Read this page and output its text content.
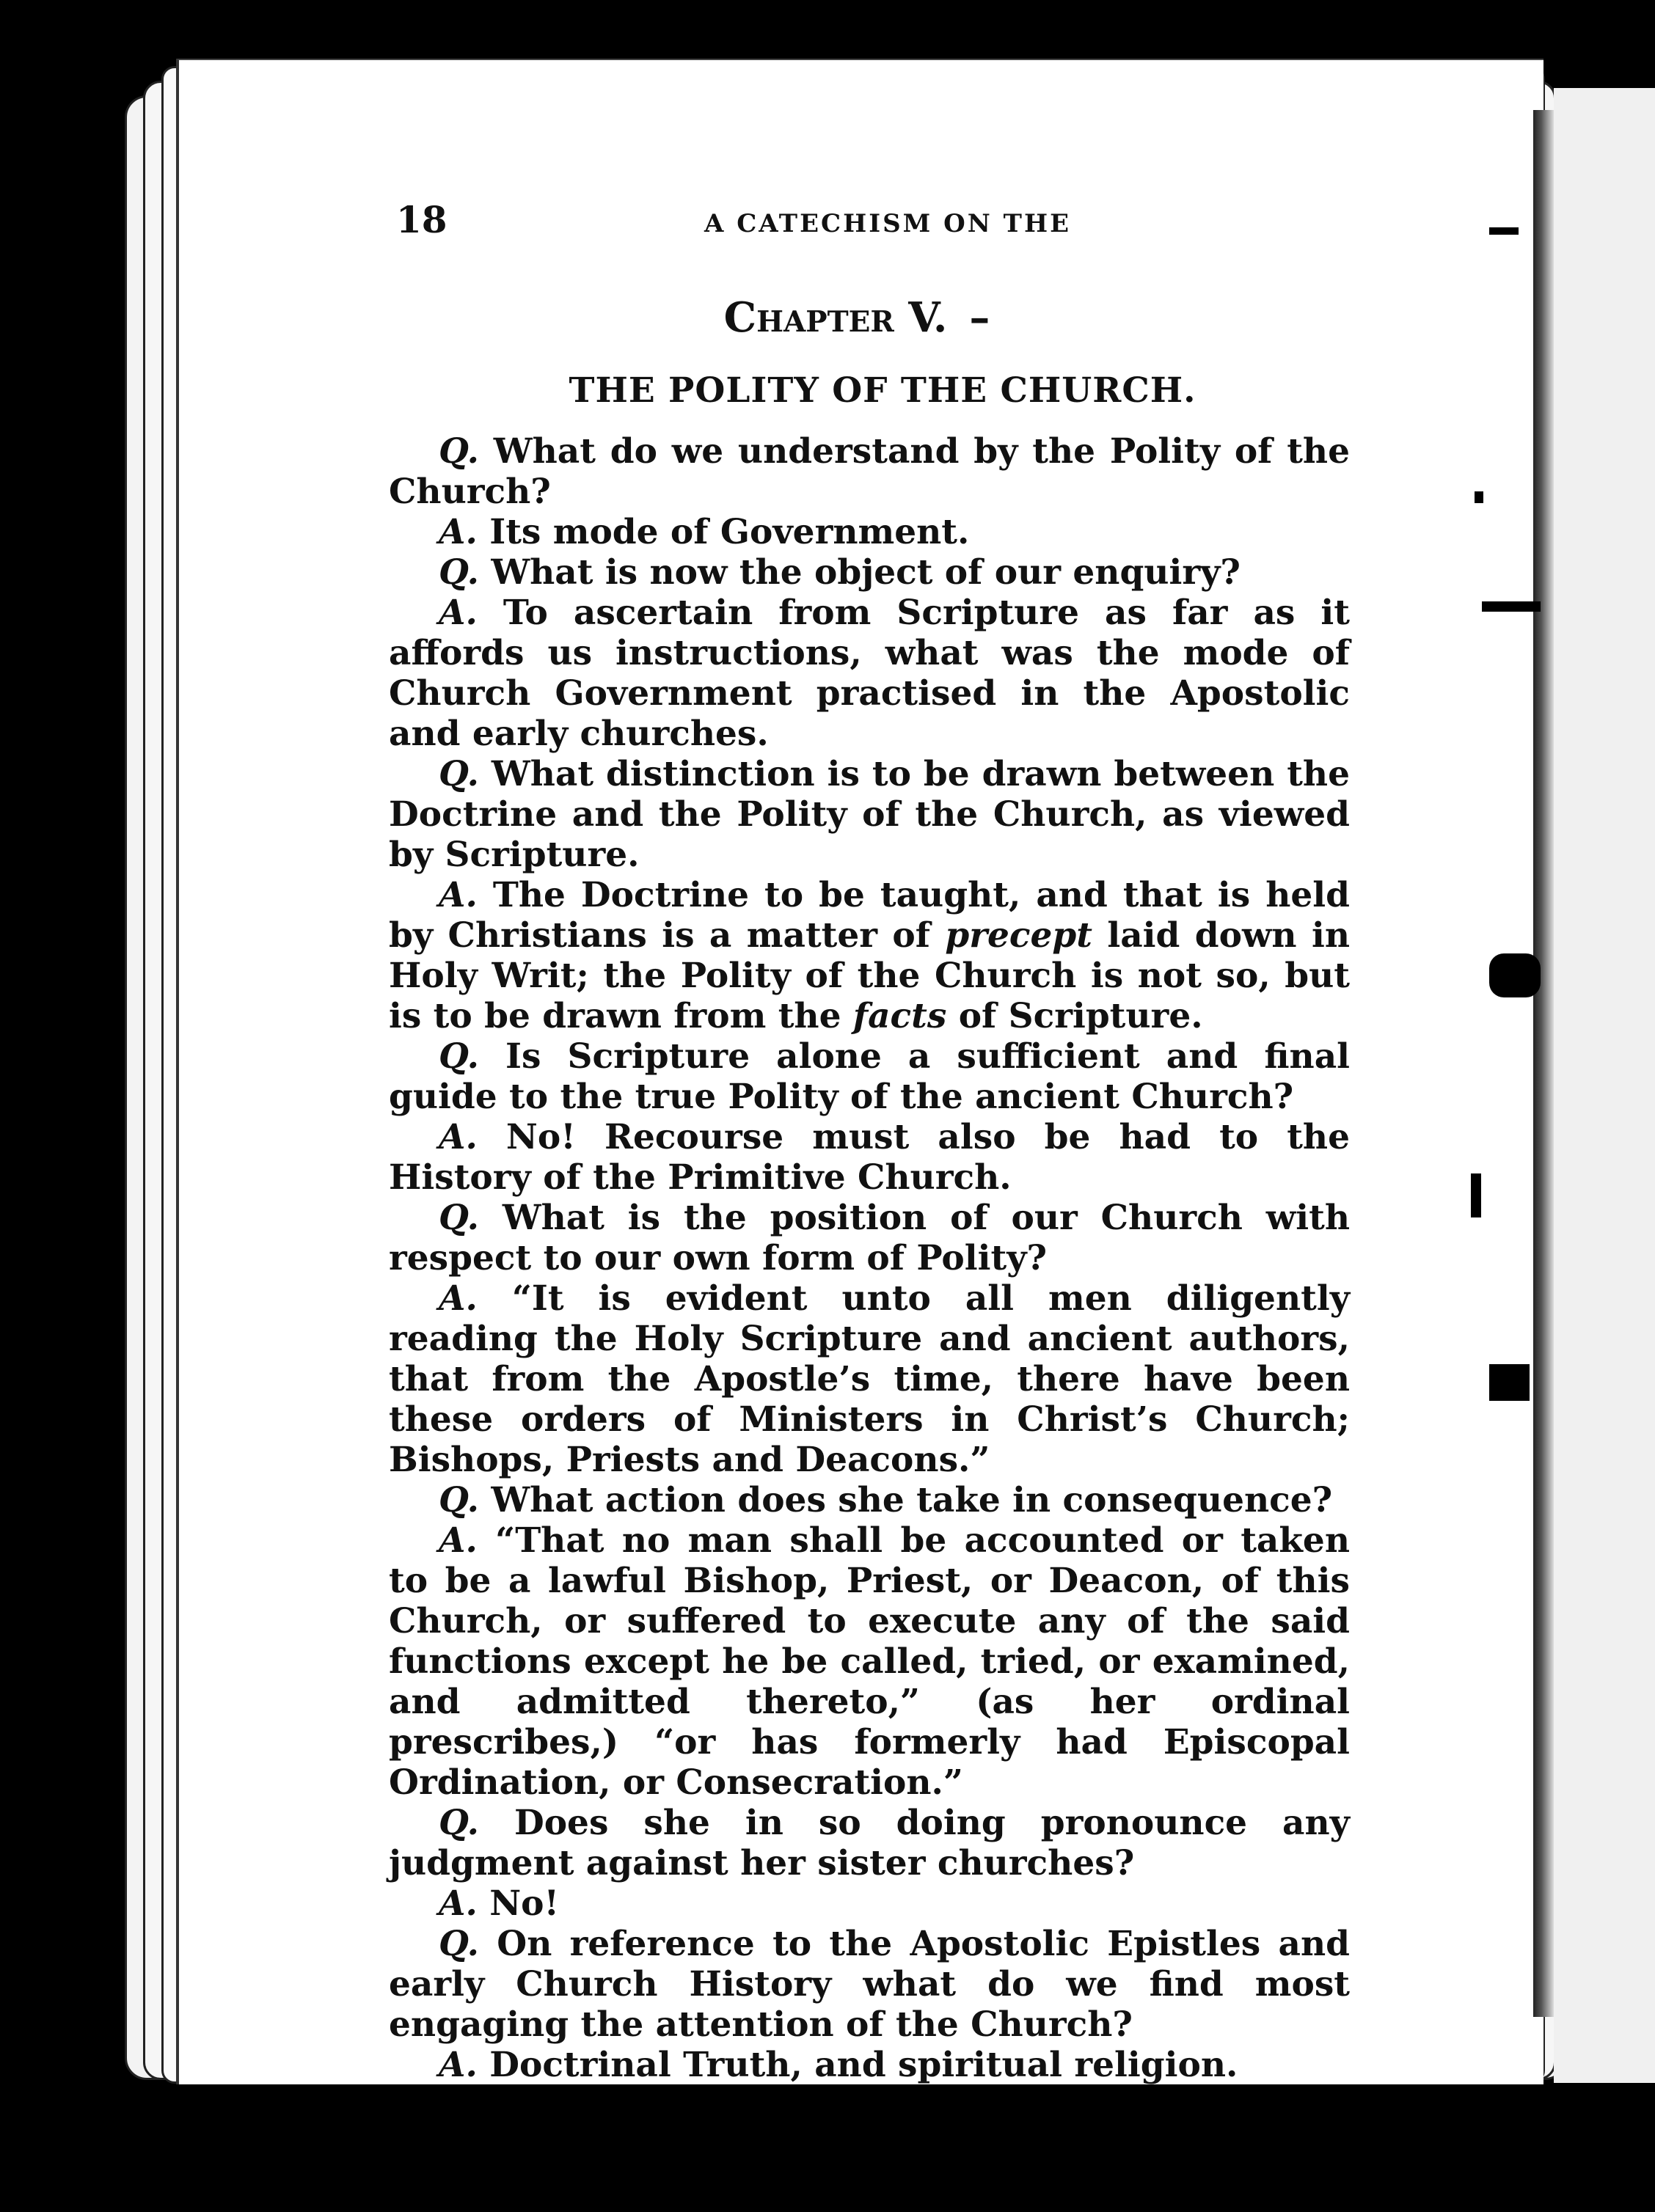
18	A CATECHISM ON THE
Chapter V. –
THE POLITY OF THE CHURCH.

Q. What do we understand by the Polity of the Church?

A. Its mode of Government.

Q. What is now the object of our enquiry?

A. To ascertain from Scripture as far as it affords us instructions, what was the mode of Church Government practised in the Apostolic and early churches.

Q. What distinction is to be drawn between the Doctrine and the Polity of the Church, as viewed by Scripture.

A. The Doctrine to be taught, and that is held by Christians is a matter of precept laid down in Holy Writ; the Polity of the Church is not so, but is to be drawn from the facts of Scripture.

Q. Is Scripture alone a sufficient and final guide to the true Polity of the ancient Church?

A. No! Recourse must also be had to the History of the Primitive Church.

Q. What is the position of our Church with respect to our own form of Polity?

A. “It is evident unto all men diligently reading the Holy Scripture and ancient authors, that from the Apostle’s time, there have been these orders of Ministers in Christ’s Church; Bishops, Priests and Deacons.”

Q. What action does she take in consequence?

A. “That no man shall be accounted or taken to be a lawful Bishop, Priest, or Deacon, of this Church, or suffered to execute any of the said functions except he be called, tried, or examined, and admitted thereto,” (as her ordinal prescribes,) “or has formerly had Episcopal Ordination, or Consecration.”

Q. Does she in so doing pronounce any judgment against her sister churches?

A. No!

Q. On reference to the Apostolic Epistles and early Church History what do we find most engaging the attention of the Church?

A. Doctrinal Truth, and spiritual religion.
